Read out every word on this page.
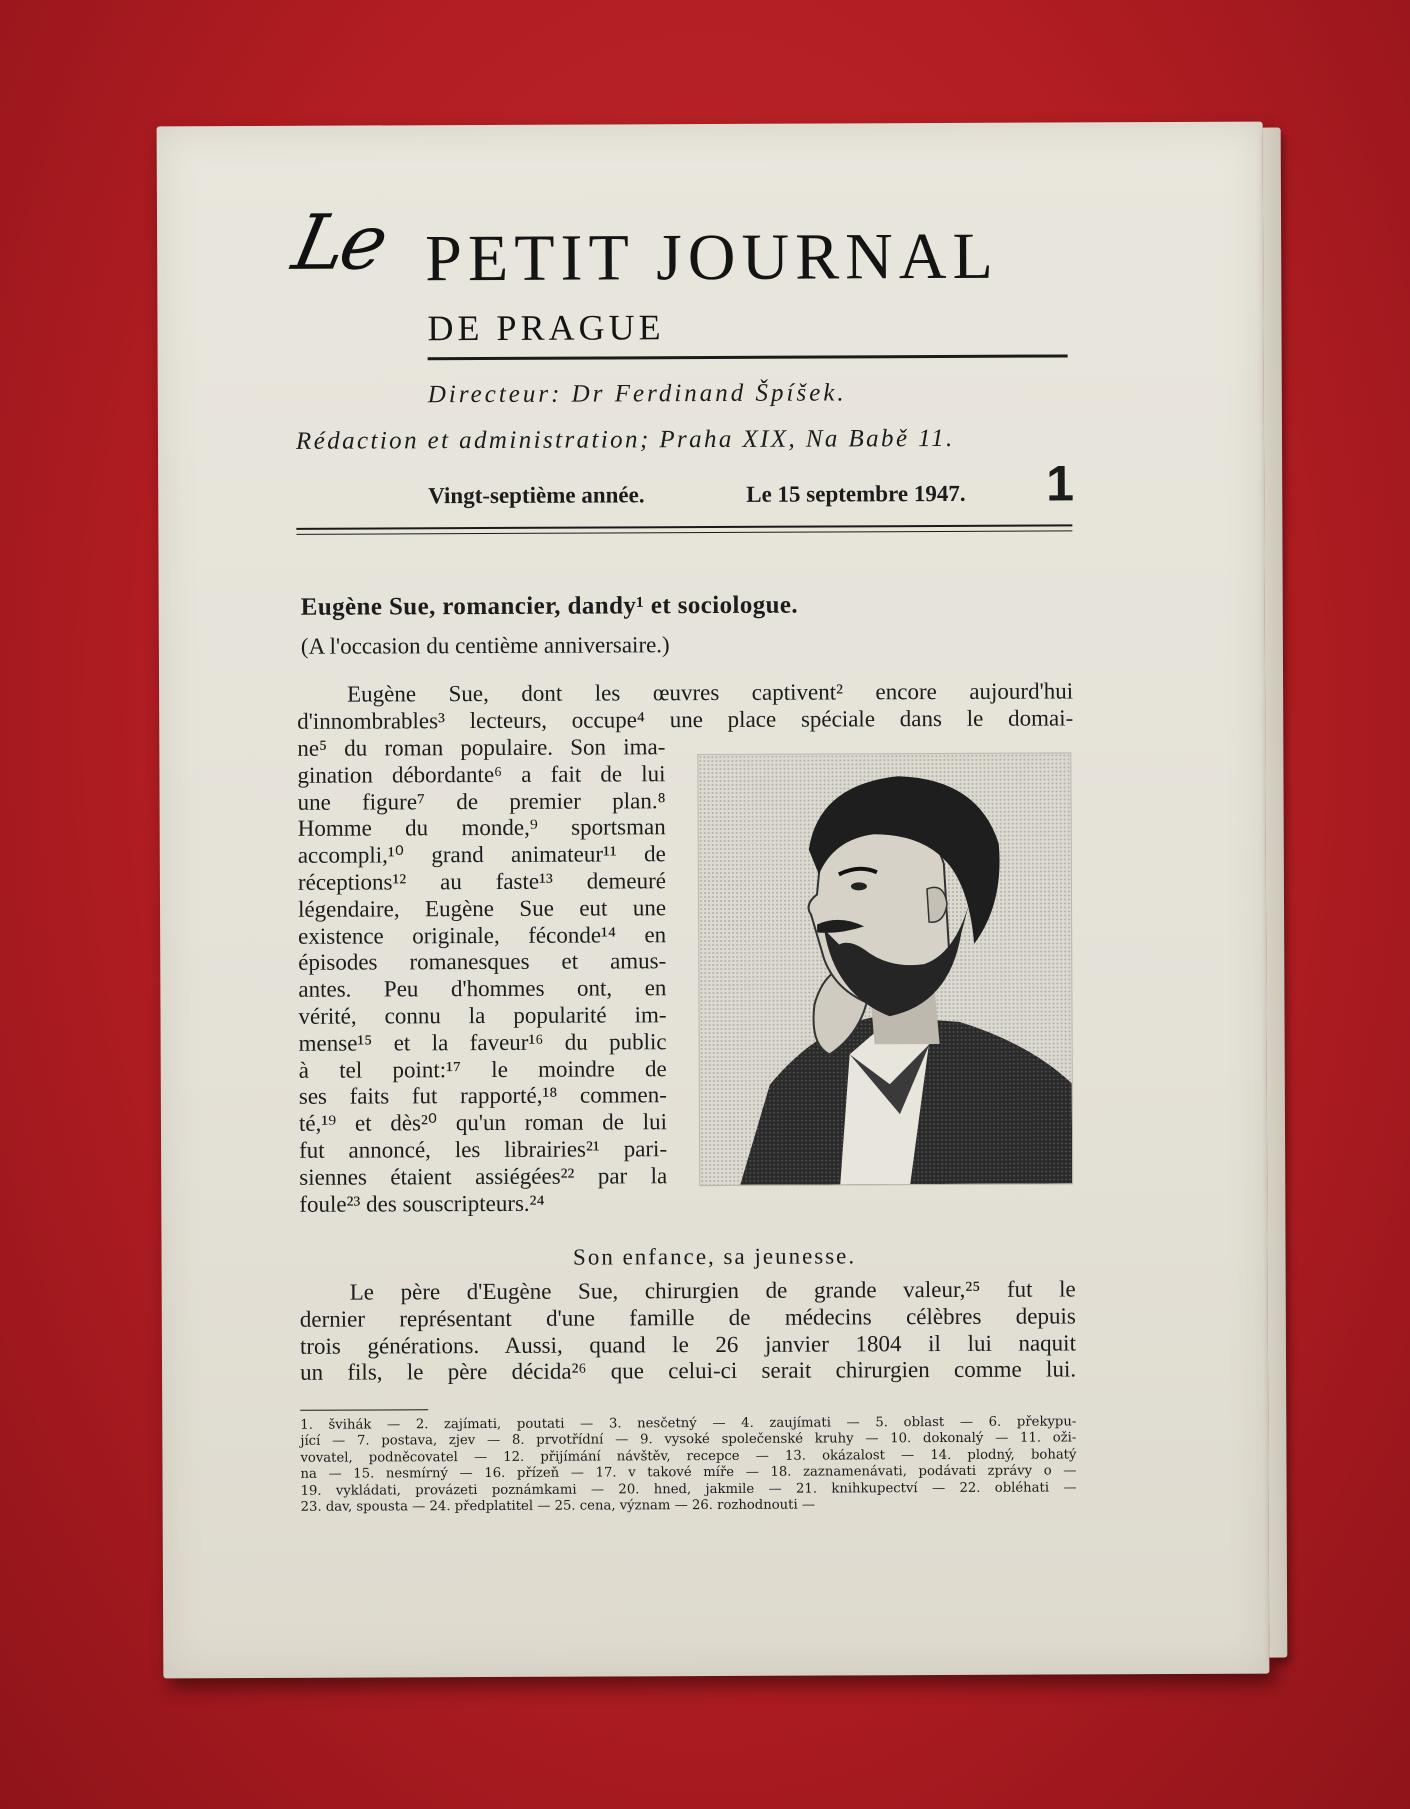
Le PETIT JOURNAL
DE PRAGUE
Directeur: Dr Ferdinand Špíšek.
Rédaction et administration; Praha XIX, Na Babě 11.
Vingt-septième année.	Le 15 septembre 1947. 1
Eugène Sue, romancier, dandy¹ et sociologue.
(A l'occasion du centième anniversaire.)
Eugène Sue, dont les œuvres captivent² encore aujourd'hui
d'innombrables³ lecteurs, occupe⁴ une place spéciale dans le domai-
ne⁵ du roman populaire. Son ima-
gination débordante⁶ a fait de lui
une figure⁷ de premier plan.⁸
Homme du monde,⁹ sportsman
accompli,¹⁰ grand animateur¹¹ de
réceptions¹² au faste¹³ demeuré
légendaire, Eugène Sue eut une
existence originale, féconde¹⁴ en
épisodes romanesques et amus-
antes. Peu d'hommes ont, en
vérité, connu la popularité im-
mense¹⁵ et la faveur¹⁶ du public
à tel point:¹⁷ le moindre de
ses faits fut rapporté,¹⁸ commen-
té,¹⁹ et dès²⁰ qu'un roman de lui
fut annoncé, les librairies²¹ pari-
siennes étaient assiégées²² par la
foule²³ des souscripteurs.²⁴
Son enfance, sa jeunesse.
Le père d'Eugène Sue, chirurgien de grande valeur,²⁵ fut le
dernier représentant d'une famille de médecins célèbres depuis
trois générations. Aussi, quand le 26 janvier 1804 il lui naquit
un fils, le père décida²⁶ que celui-ci serait chirurgien comme lui.
1. švihák — 2. zajímati, poutati — 3. nesčetný — 4. zaujímati — 5. oblast — 6. překypu-
jící — 7. postava, zjev — 8. prvotřídní — 9. vysoké společenské kruhy — 10. dokonalý — 11. oži-
vovatel, podněcovatel — 12. přijímání návštěv, recepce — 13. okázalost — 14. plodný, bohatý
na — 15. nesmírný — 16. přízeň — 17. v takové míře — 18. zaznamenávati, podávati zprávy o —
19. vykládati, provázeti poznámkami — 20. hned, jakmile — 21. knihkupectví — 22. obléhati —
23. dav, spousta — 24. předplatitel — 25. cena, význam — 26. rozhodnouti —
